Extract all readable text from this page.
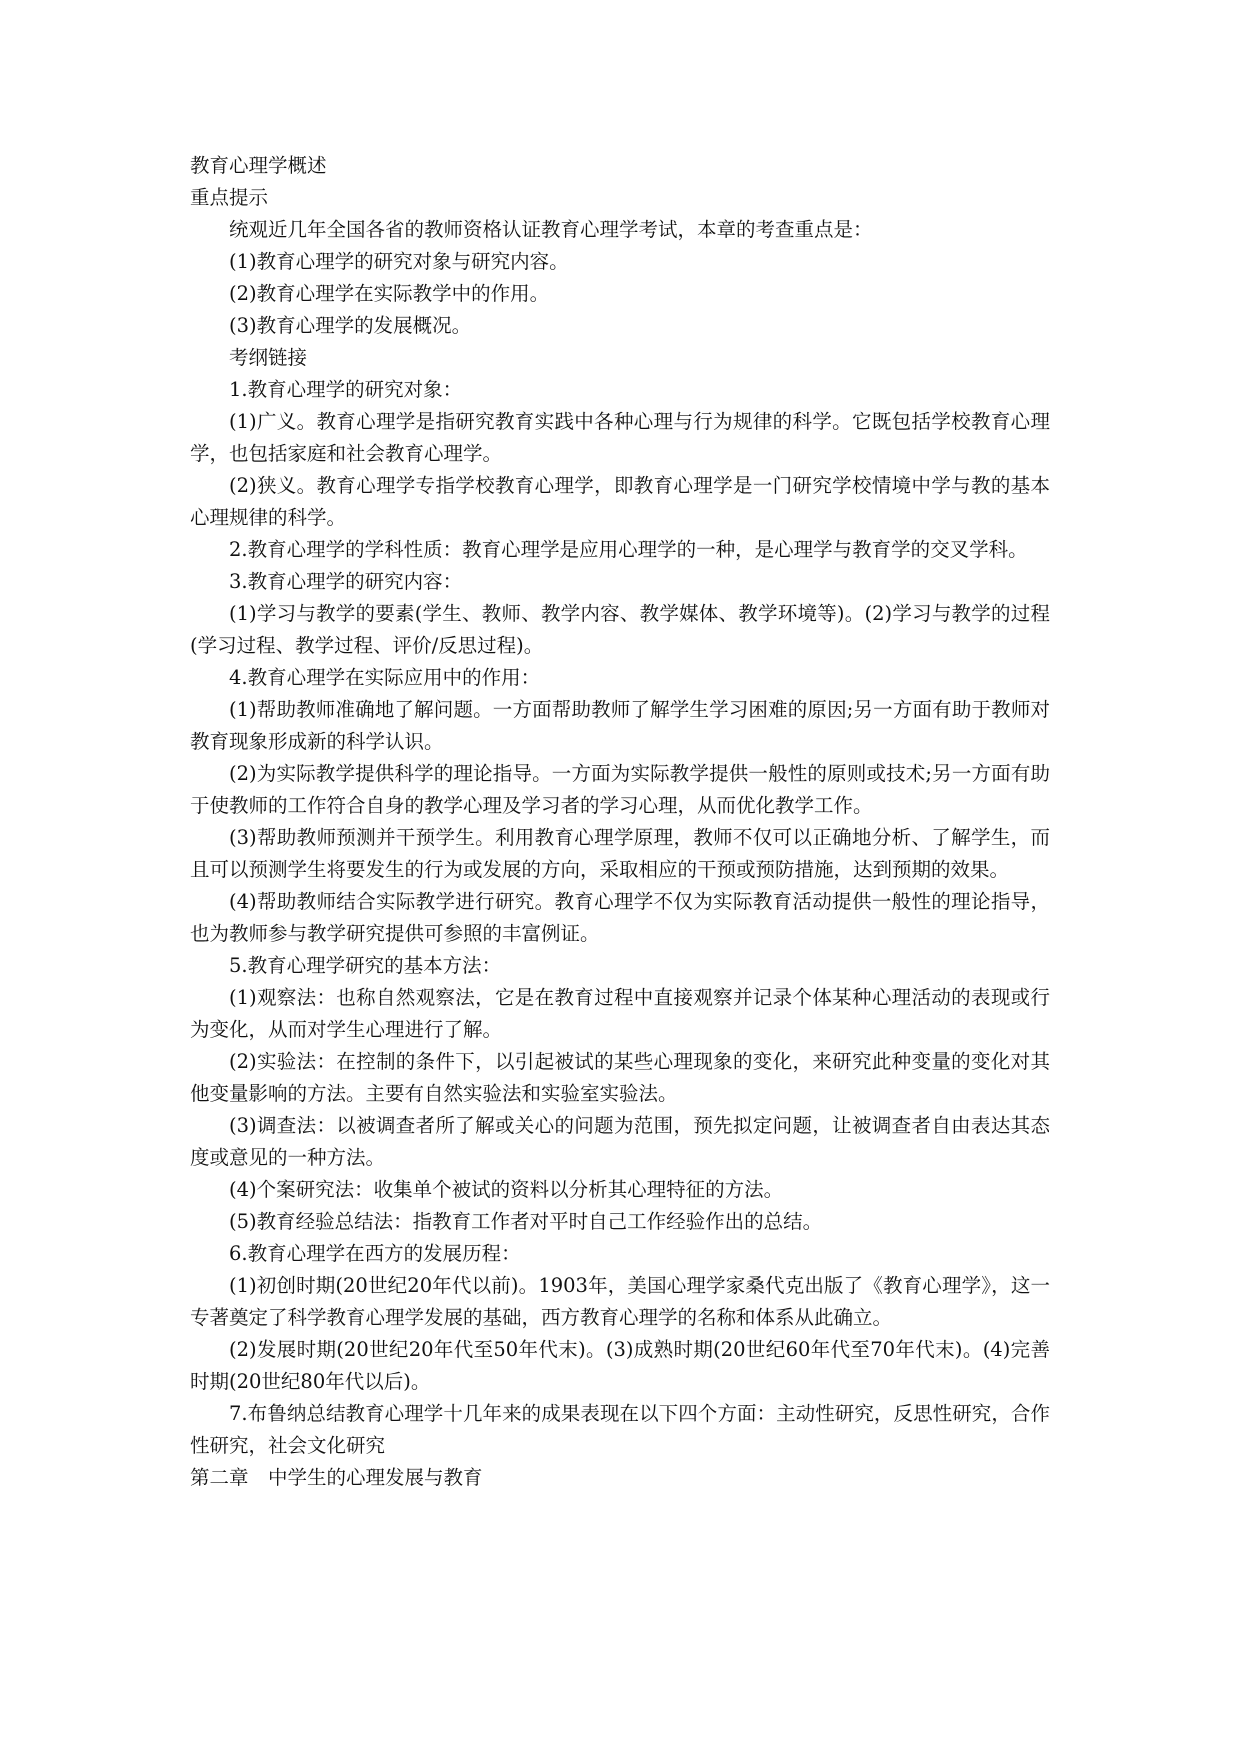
教育心理学概述
重点提示
统观近几年全国各省的教师资格认证教育心理学考试，本章的考查重点是：
(1)教育心理学的研究对象与研究内容。
(2)教育心理学在实际教学中的作用。
(3)教育心理学的发展概况。
考纲链接
1.教育心理学的研究对象：
(1)广义。教育心理学是指研究教育实践中各种心理与行为规律的科学。它既包括学校教育心理学，也包括家庭和社会教育心理学。
(2)狭义。教育心理学专指学校教育心理学，即教育心理学是一门研究学校情境中学与教的基本心理规律的科学。
2.教育心理学的学科性质：教育心理学是应用心理学的一种，是心理学与教育学的交叉学科。
3.教育心理学的研究内容：
(1)学习与教学的要素(学生、教师、教学内容、教学媒体、教学环境等)。(2)学习与教学的过程(学习过程、教学过程、评价/反思过程)。
4.教育心理学在实际应用中的作用：
(1)帮助教师准确地了解问题。一方面帮助教师了解学生学习困难的原因;另一方面有助于教师对教育现象形成新的科学认识。
(2)为实际教学提供科学的理论指导。一方面为实际教学提供一般性的原则或技术;另一方面有助于使教师的工作符合自身的教学心理及学习者的学习心理，从而优化教学工作。
(3)帮助教师预测并干预学生。利用教育心理学原理，教师不仅可以正确地分析、了解学生，而且可以预测学生将要发生的行为或发展的方向，采取相应的干预或预防措施，达到预期的效果。
(4)帮助教师结合实际教学进行研究。教育心理学不仅为实际教育活动提供一般性的理论指导，也为教师参与教学研究提供可参照的丰富例证。
5.教育心理学研究的基本方法：
(1)观察法：也称自然观察法，它是在教育过程中直接观察并记录个体某种心理活动的表现或行为变化，从而对学生心理进行了解。
(2)实验法：在控制的条件下，以引起被试的某些心理现象的变化，来研究此种变量的变化对其他变量影响的方法。主要有自然实验法和实验室实验法。
(3)调查法：以被调查者所了解或关心的问题为范围，预先拟定问题，让被调查者自由表达其态度或意见的一种方法。
(4)个案研究法：收集单个被试的资料以分析其心理特征的方法。
(5)教育经验总结法：指教育工作者对平时自己工作经验作出的总结。
6.教育心理学在西方的发展历程：
(1)初创时期(20世纪20年代以前)。1903年，美国心理学家桑代克出版了《教育心理学》，这一专著奠定了科学教育心理学发展的基础，西方教育心理学的名称和体系从此确立。
(2)发展时期(20世纪20年代至50年代末)。(3)成熟时期(20世纪60年代至70年代末)。(4)完善时期(20世纪80年代以后)。
7.布鲁纳总结教育心理学十几年来的成果表现在以下四个方面：主动性研究，反思性研究，合作性研究，社会文化研究
第二章　中学生的心理发展与教育
